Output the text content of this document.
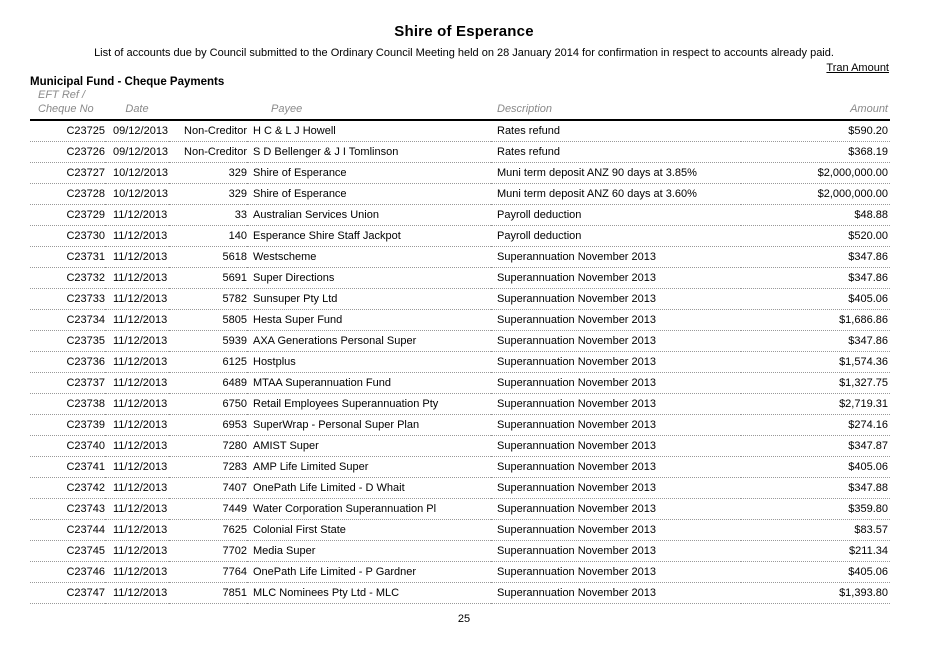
Shire of Esperance
List of accounts due by Council submitted to the Ordinary Council Meeting held on 28 January 2014 for confirmation in respect to accounts already paid.
Tran Amount
Municipal Fund - Cheque Payments
EFT Ref /
Cheque No	Date		Payee	Description	Amount
C23725	09/12/2013	Non-Creditor	H C & L J Howell	Rates refund	$590.20
C23726	09/12/2013	Non-Creditor	S D Bellenger & J I Tomlinson	Rates refund	$368.19
C23727	10/12/2013	329	Shire of Esperance	Muni term deposit ANZ 90 days at 3.85%	$2,000,000.00
C23728	10/12/2013	329	Shire of Esperance	Muni term deposit ANZ 60 days at 3.60%	$2,000,000.00
C23729	11/12/2013	33	Australian Services Union	Payroll deduction	$48.88
C23730	11/12/2013	140	Esperance Shire Staff Jackpot	Payroll deduction	$520.00
C23731	11/12/2013	5618	Westscheme	Superannuation November 2013	$347.86
C23732	11/12/2013	5691	Super Directions	Superannuation November 2013	$347.86
C23733	11/12/2013	5782	Sunsuper Pty Ltd	Superannuation November 2013	$405.06
C23734	11/12/2013	5805	Hesta Super Fund	Superannuation November 2013	$1,686.86
C23735	11/12/2013	5939	AXA Generations Personal Super	Superannuation November 2013	$347.86
C23736	11/12/2013	6125	Hostplus	Superannuation November 2013	$1,574.36
C23737	11/12/2013	6489	MTAA Superannuation Fund	Superannuation November 2013	$1,327.75
C23738	11/12/2013	6750	Retail Employees Superannuation Pty	Superannuation November 2013	$2,719.31
C23739	11/12/2013	6953	SuperWrap - Personal Super Plan	Superannuation November 2013	$274.16
C23740	11/12/2013	7280	AMIST Super	Superannuation November 2013	$347.87
C23741	11/12/2013	7283	AMP Life Limited Super	Superannuation November 2013	$405.06
C23742	11/12/2013	7407	OnePath Life Limited - D Whait	Superannuation November 2013	$347.88
C23743	11/12/2013	7449	Water Corporation Superannuation Pl	Superannuation November 2013	$359.80
C23744	11/12/2013	7625	Colonial First State	Superannuation November 2013	$83.57
C23745	11/12/2013	7702	Media Super	Superannuation November 2013	$211.34
C23746	11/12/2013	7764	OnePath Life Limited - P Gardner	Superannuation November 2013	$405.06
C23747	11/12/2013	7851	MLC Nominees Pty Ltd - MLC	Superannuation November 2013	$1,393.80
25
